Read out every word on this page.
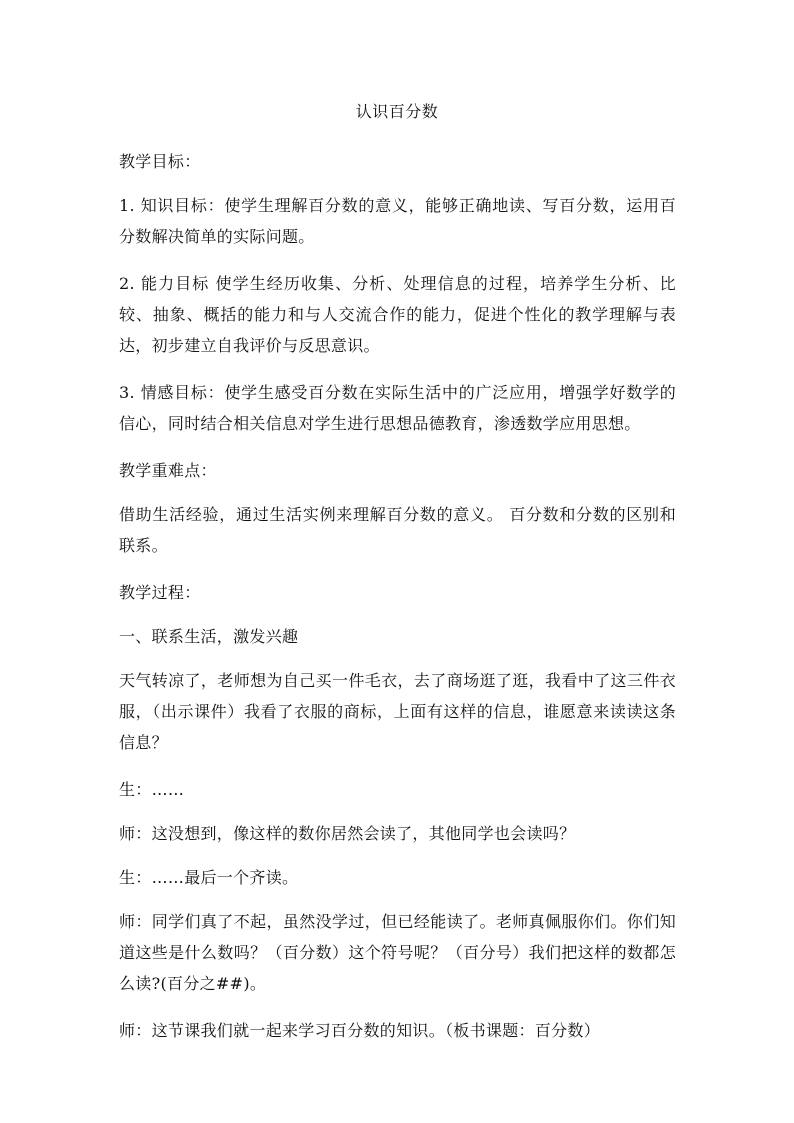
认识百分数

教学目标：

1. 知识目标：使学生理解百分数的意义，能够正确地读、写百分数，运用百分数解决简单的实际问题。

2. 能力目标 使学生经历收集、分析、处理信息的过程，培养学生分析、比较、抽象、概括的能力和与人交流合作的能力，促进个性化的教学理解与表达，初步建立自我评价与反思意识。

3. 情感目标：使学生感受百分数在实际生活中的广泛应用，增强学好数学的信心，同时结合相关信息对学生进行思想品德教育，渗透数学应用思想。

教学重难点：

借助生活经验，通过生活实例来理解百分数的意义。 百分数和分数的区别和联系。

教学过程：

一、联系生活，激发兴趣

天气转凉了，老师想为自己买一件毛衣，去了商场逛了逛，我看中了这三件衣服，（出示课件）我看了衣服的商标，上面有这样的信息，谁愿意来读读这条信息？

生：……

师：这没想到，像这样的数你居然会读了，其他同学也会读吗？

生：……最后一个齐读。

师：同学们真了不起，虽然没学过，但已经能读了。老师真佩服你们。你们知道这些是什么数吗？（百分数）这个符号呢？（百分号）我们把这样的数都怎么读?(百分之##)。

师：这节课我们就一起来学习百分数的知识。（板书课题：百分数）
